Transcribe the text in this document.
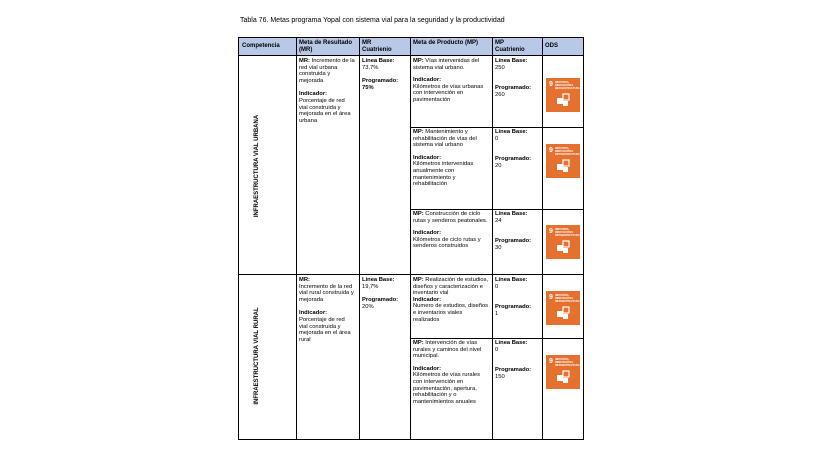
Tabla 76. Metas programa Yopal con sistema vial para la seguridad y la productividad
Competencia	Meta de Resultado (MR)
MR Cuatrienio
Meta de Producto (MP)	MP Cuatrienio
ODS
INFRAESTRUCTURA VIAL URBANA
MR: Incremento de la red vial urbana construida y mejorada
Indicador:
Porcentaje de red vial construida y mejorada en el área urbana
Línea Base:
73,7%
Programado:
75%
MP: Vías intervenidas del sistema vial urbano.
Indicador:
Kilómetros de vías urbanas con intervención en pavimentación
Línea Base:
250
Programado:
260
9 INDUSTRIA, INNOVACIÓN E INFRAESTRUCTURA
MP: Mantenimiento y rehabilitación de vías del sistema vial urbano
Indicador:
Kilómetros intervenidas anualmente con mantenimiento y rehabilitación
Línea Base:
0
Programado:
20
9 INDUSTRIA, INNOVACIÓN E INFRAESTRUCTURA
MP: Construcción de ciclo rutas y senderos peatonales.
Indicador:
Kilómetros de ciclo rutas y senderos construidos
Línea Base:
24
Programado:
30
9 INDUSTRIA, INNOVACIÓN E INFRAESTRUCTURA
INFRAESTRUCTURA VIAL RURAL
MR:
Incremento de la red vial rural construida y mejorada
Indicador:
Porcentaje de red vial construida y mejorada en el área rural
Línea Base:
19,7%
Programado:
20%
MP: Realización de estudios, diseños y caracterización e inventario vial
Indicador:
Numero de estudios, diseños e inventarios viales realizados
Línea Base:
0
Programado:
1
9 INDUSTRIA, INNOVACIÓN E INFRAESTRUCTURA
MP: Intervención de vías rurales y caminos del nivel municipal.
Indicador:
Kilómetros de vías rurales con intervención en pavimentación, apertura, rehabilitación y o mantenimientos anuales
Línea Base:
0
Programado:
150
9 INDUSTRIA, INNOVACIÓN E INFRAESTRUCTURA
